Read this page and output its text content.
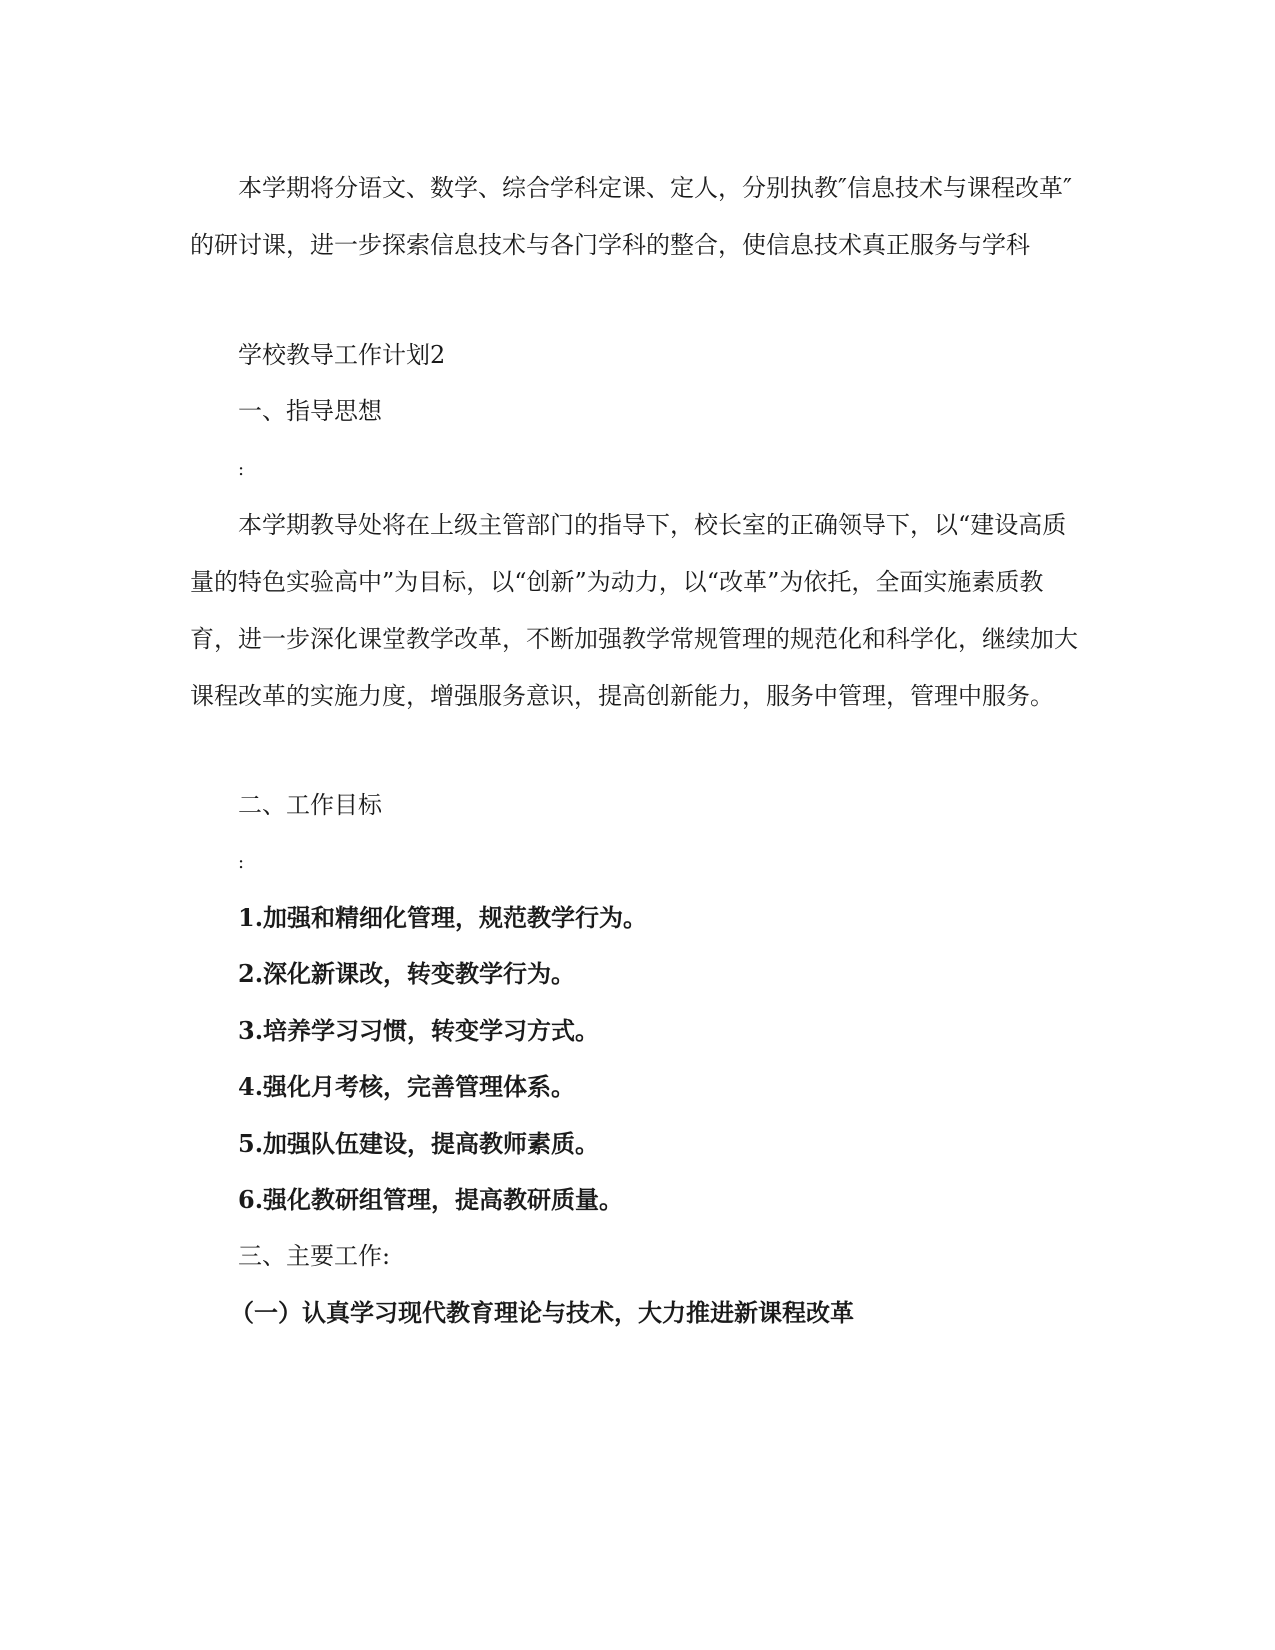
本学期将分语文、数学、综合学科定课、定人，分别执教″信息技术与课程改革″的研讨课，进一步探索信息技术与各门学科的整合，使信息技术真正服务与学科

学校教导工作计划2

一、指导思想

:

本学期教导处将在上级主管部门的指导下，校长室的正确领导下，以“建设高质量的特色实验高中”为目标，以“创新”为动力，以“改革”为依托，全面实施素质教育，进一步深化课堂教学改革，不断加强教学常规管理的规范化和科学化，继续加大课程改革的实施力度，增强服务意识，提高创新能力，服务中管理，管理中服务。

二、工作目标

:

1.加强和精细化管理，规范教学行为。

2.深化新课改，转变教学行为。

3.培养学习习惯，转变学习方式。

4.强化月考核，完善管理体系。

5.加强队伍建设，提高教师素质。

6.强化教研组管理，提高教研质量。

三、主要工作:

（一）认真学习现代教育理论与技术，大力推进新课程改革
